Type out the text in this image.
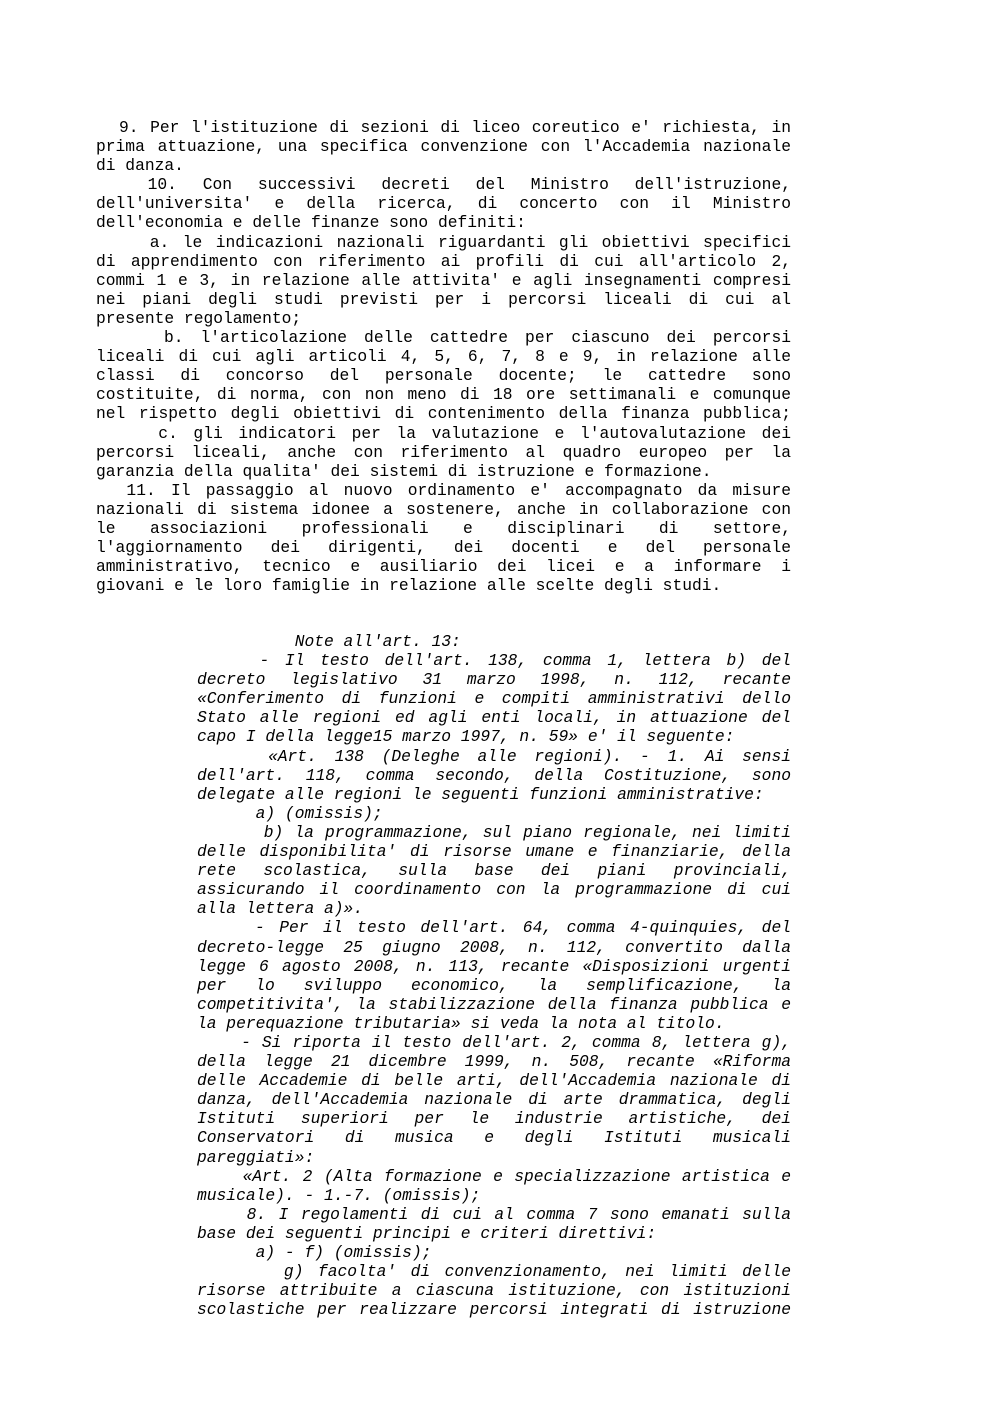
9. Per l'istituzione di sezioni di liceo coreutico e' richiesta, in
prima attuazione, una specifica convenzione con l'Accademia nazionale
di danza.
10. Con successivi decreti del Ministro dell'istruzione,
dell'universita' e della ricerca, di concerto con il Ministro
dell'economia e delle finanze sono definiti:
a. le indicazioni nazionali riguardanti gli obiettivi specifici
di apprendimento con riferimento ai profili di cui all'articolo 2,
commi 1 e 3, in relazione alle attivita' e agli insegnamenti compresi
nei piani degli studi previsti per i percorsi liceali di cui al
presente regolamento;
b. l'articolazione delle cattedre per ciascuno dei percorsi
liceali di cui agli articoli 4, 5, 6, 7, 8 e 9, in relazione alle
classi di concorso del personale docente; le cattedre sono
costituite, di norma, con non meno di 18 ore settimanali e comunque
nel rispetto degli obiettivi di contenimento della finanza pubblica;
c. gli indicatori per la valutazione e l'autovalutazione dei
percorsi liceali, anche con riferimento al quadro europeo per la
garanzia della qualita' dei sistemi di istruzione e formazione.
11. Il passaggio al nuovo ordinamento e' accompagnato da misure
nazionali di sistema idonee a sostenere, anche in collaborazione con
le associazioni professionali e disciplinari di settore,
l'aggiornamento dei dirigenti, dei docenti e del personale
amministrativo, tecnico e ausiliario dei licei e a informare i
giovani e le loro famiglie in relazione alle scelte degli studi.
Note all'art. 13:
- Il testo dell'art. 138, comma 1, lettera b) del
decreto legislativo 31 marzo 1998, n. 112, recante
«Conferimento di funzioni e compiti amministrativi dello
Stato alle regioni ed agli enti locali, in attuazione del
capo I della legge15 marzo 1997, n. 59» e' il seguente:
«Art. 138 (Deleghe alle regioni). - 1. Ai sensi
dell'art. 118, comma secondo, della Costituzione, sono
delegate alle regioni le seguenti funzioni amministrative:
a) (omissis);
b) la programmazione, sul piano regionale, nei limiti
delle disponibilita' di risorse umane e finanziarie, della
rete scolastica, sulla base dei piani provinciali,
assicurando il coordinamento con la programmazione di cui
alla lettera a)».
- Per il testo dell'art. 64, comma 4-quinquies, del
decreto-legge 25 giugno 2008, n. 112, convertito dalla
legge 6 agosto 2008, n. 113, recante «Disposizioni urgenti
per lo sviluppo economico, la semplificazione, la
competitivita', la stabilizzazione della finanza pubblica e
la perequazione tributaria» si veda la nota al titolo.
- Si riporta il testo dell'art. 2, comma 8, lettera g),
della legge 21 dicembre 1999, n. 508, recante «Riforma
delle Accademie di belle arti, dell'Accademia nazionale di
danza, dell'Accademia nazionale di arte drammatica, degli
Istituti superiori per le industrie artistiche, dei
Conservatori di musica e degli Istituti musicali
pareggiati»:
«Art. 2 (Alta formazione e specializzazione artistica e
musicale). - 1.-7. (omissis);
8. I regolamenti di cui al comma 7 sono emanati sulla
base dei seguenti principi e criteri direttivi:
a) - f) (omissis);
g) facolta' di convenzionamento, nei limiti delle
risorse attribuite a ciascuna istituzione, con istituzioni
scolastiche per realizzare percorsi integrati di istruzione
